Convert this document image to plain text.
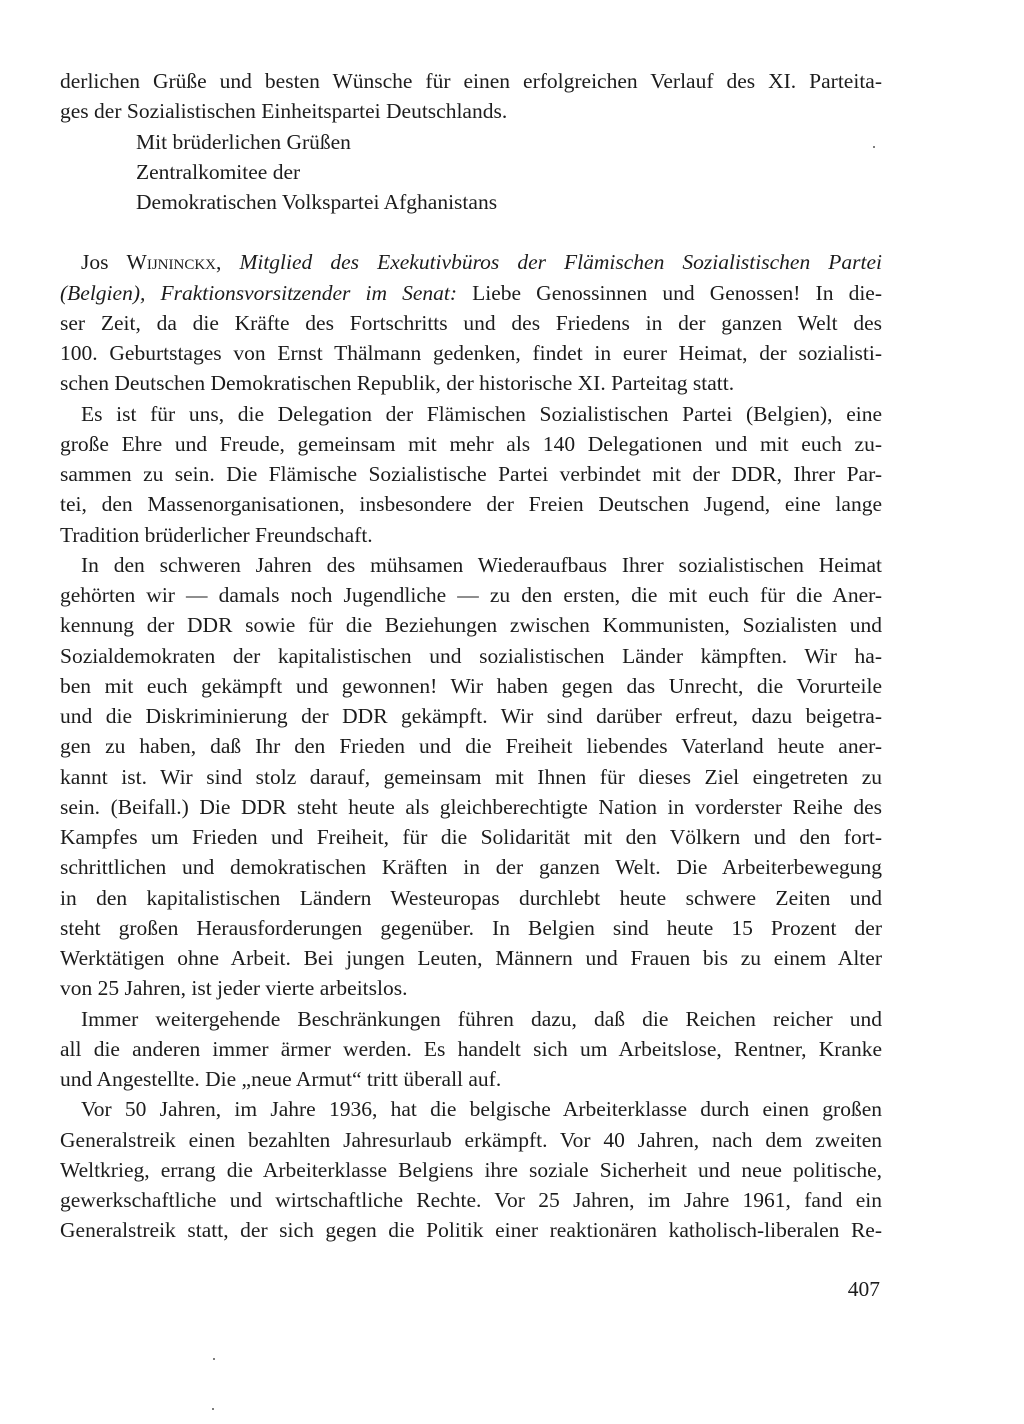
derlichen Grüße und besten Wünsche für einen erfolgreichen Verlauf des XI. Parteita-
ges der Sozialistischen Einheitspartei Deutschlands.
Mit brüderlichen Grüßen
Zentralkomitee der
Demokratischen Volkspartei Afghanistans
Jos Wijninckx, Mitglied des Exekutivbüros der Flämischen Sozialistischen Partei
(Belgien), Fraktionsvorsitzender im Senat: Liebe Genossinnen und Genossen! In die-
ser Zeit, da die Kräfte des Fortschritts und des Friedens in der ganzen Welt des
100. Geburtstages von Ernst Thälmann gedenken, findet in eurer Heimat, der sozialisti-
schen Deutschen Demokratischen Republik, der historische XI. Parteitag statt.
Es ist für uns, die Delegation der Flämischen Sozialistischen Partei (Belgien), eine
große Ehre und Freude, gemeinsam mit mehr als 140 Delegationen und mit euch zu-
sammen zu sein. Die Flämische Sozialistische Partei verbindet mit der DDR, Ihrer Par-
tei, den Massenorganisationen, insbesondere der Freien Deutschen Jugend, eine lange
Tradition brüderlicher Freundschaft.
In den schweren Jahren des mühsamen Wiederaufbaus Ihrer sozialistischen Heimat
gehörten wir — damals noch Jugendliche — zu den ersten, die mit euch für die Aner-
kennung der DDR sowie für die Beziehungen zwischen Kommunisten, Sozialisten und
Sozialdemokraten der kapitalistischen und sozialistischen Länder kämpften. Wir ha-
ben mit euch gekämpft und gewonnen! Wir haben gegen das Unrecht, die Vorurteile
und die Diskriminierung der DDR gekämpft. Wir sind darüber erfreut, dazu beigetra-
gen zu haben, daß Ihr den Frieden und die Freiheit liebendes Vaterland heute aner-
kannt ist. Wir sind stolz darauf, gemeinsam mit Ihnen für dieses Ziel eingetreten zu
sein. (Beifall.) Die DDR steht heute als gleichberechtigte Nation in vorderster Reihe des
Kampfes um Frieden und Freiheit, für die Solidarität mit den Völkern und den fort-
schrittlichen und demokratischen Kräften in der ganzen Welt. Die Arbeiterbewegung
in den kapitalistischen Ländern Westeuropas durchlebt heute schwere Zeiten und
steht großen Herausforderungen gegenüber. In Belgien sind heute 15 Prozent der
Werktätigen ohne Arbeit. Bei jungen Leuten, Männern und Frauen bis zu einem Alter
von 25 Jahren, ist jeder vierte arbeitslos.
Immer weitergehende Beschränkungen führen dazu, daß die Reichen reicher und
all die anderen immer ärmer werden. Es handelt sich um Arbeitslose, Rentner, Kranke
und Angestellte. Die „neue Armut“ tritt überall auf.
Vor 50 Jahren, im Jahre 1936, hat die belgische Arbeiterklasse durch einen großen
Generalstreik einen bezahlten Jahresurlaub erkämpft. Vor 40 Jahren, nach dem zweiten
Weltkrieg, errang die Arbeiterklasse Belgiens ihre soziale Sicherheit und neue politische,
gewerkschaftliche und wirtschaftliche Rechte. Vor 25 Jahren, im Jahre 1961, fand ein
Generalstreik statt, der sich gegen die Politik einer reaktionären katholisch-liberalen Re-
407
